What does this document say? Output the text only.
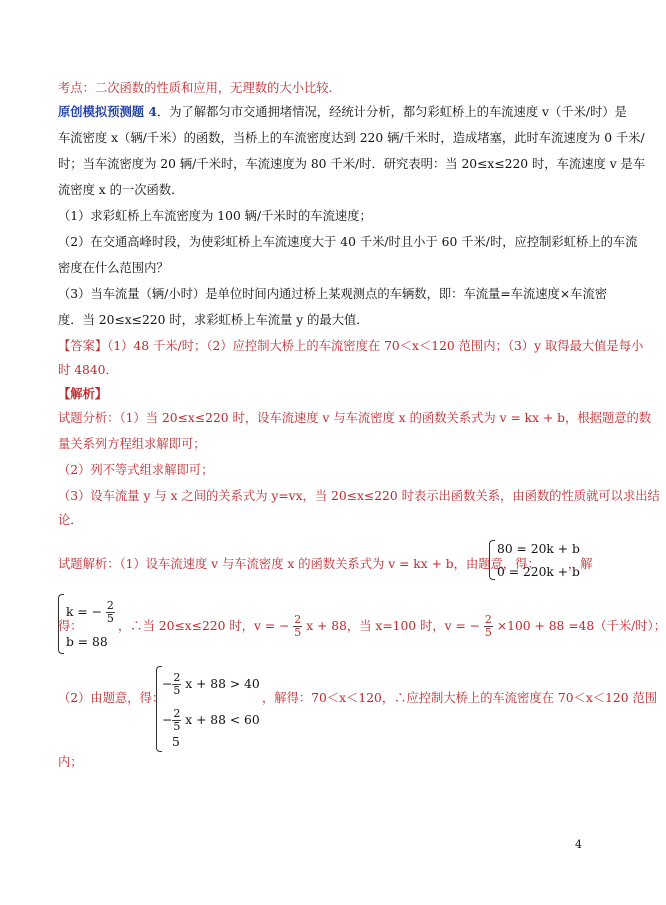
考点：二次函数的性质和应用，无理数的大小比较．
原创模拟预测题 4．为了解都匀市交通拥堵情况，经统计分析，都匀彩虹桥上的车流速度 v（千米/时）是
车流密度 x（辆/千米）的函数，当桥上的车流密度达到 220 辆/千米时，造成堵塞，此时车流速度为 0 千米/
时；当车流密度为 20 辆/千米时，车流速度为 80 千米/时．研究表明：当 20≤x≤220 时，车流速度 v 是车
流密度 x 的一次函数．
（1）求彩虹桥上车流密度为 100 辆/千米时的车流速度；
（2）在交通高峰时段，为使彩虹桥上车流速度大于 40 千米/时且小于 60 千米/时，应控制彩虹桥上的车流
密度在什么范围内？
（3）当车流量（辆/小时）是单位时间内通过桥上某观测点的车辆数，即：车流量=车流速度×车流密
度．当 20≤x≤220 时，求彩虹桥上车流量 y 的最大值．
【答案】（1）48 千米/时；（2）应控制大桥上的车流密度在 70＜x＜120 范围内；（3）y 取得最大值是每小
时 4840．
【解析】
试题分析：（1）当 20≤x≤220 时，设车流速度 v 与车流密度 x 的函数关系式为 v = kx + b，根据题意的数
量关系列方程组求解即可；
（2）列不等式组求解即可；
（3）设车流量 y 与 x 之间的关系式为 y=vx，当 20≤x≤220 时表示出函数关系，由函数的性质就可以求出结
论．
试题解析：（1）设车流速度 v 与车流密度 x 的函数关系式为 v = kx + b，由题意，得：
80 = 20k + b
0 = 220k + b
，解
得：
k = − $\frac{2}{5}$
b = 88
，∴当 20≤x≤220 时，v = − $\frac{2}{5}$ x + 88，当 x=100 时，v = − $\frac{2}{5} \times 100 + 88 =48$（千米/时）；
（2）由题意，得：
− $\frac{2}{5}$ x + 88 > 40
− $\frac{2}{5}$ x + 88 < 60
5
，解得：70＜x＜120，∴应控制大桥上的车流密度在 70＜x＜120 范围
内；
4
